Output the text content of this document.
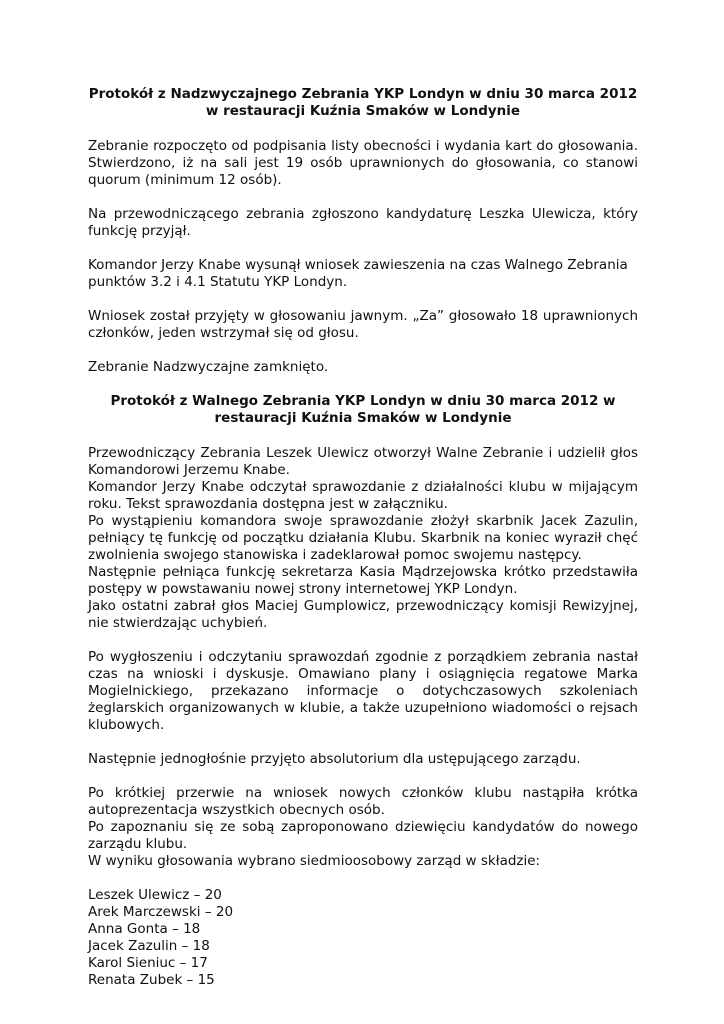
Protokół z Nadzwyczajnego Zebrania YKP Londyn w dniu 30 marca 2012 w restauracji Kuźnia Smaków w Londynie

Zebranie rozpoczęto od podpisania listy obecności i wydania kart do głosowania. Stwierdzono, iż na sali jest 19 osób uprawnionych do głosowania, co stanowi quorum (minimum 12 osób).

Na przewodniczącego zebrania zgłoszono kandydaturę Leszka Ulewicza, który funkcję przyjął.

Komandor Jerzy Knabe wysunął wniosek zawieszenia na czas Walnego Zebrania punktów 3.2 i 4.1 Statutu YKP Londyn.

Wniosek został przyjęty w głosowaniu jawnym. „Za” głosowało 18 uprawnionych członków, jeden wstrzymał się od głosu.

Zebranie Nadzwyczajne zamknięto.

Protokół z Walnego Zebrania YKP Londyn w dniu 30 marca 2012 w restauracji Kuźnia Smaków w Londynie

Przewodniczący Zebrania Leszek Ulewicz otworzył Walne Zebranie i udzielił głos Komandorowi Jerzemu Knabe.
Komandor Jerzy Knabe odczytał sprawozdanie z działalności klubu w mijającym roku. Tekst sprawozdania dostępna jest w załączniku.
Po wystąpieniu komandora swoje sprawozdanie złożył skarbnik Jacek Zazulin, pełniący tę funkcję od początku działania Klubu. Skarbnik na koniec wyraził chęć zwolnienia swojego stanowiska i zadeklarował pomoc swojemu następcy.
Następnie pełniąca funkcję sekretarza Kasia Mądrzejowska krótko przedstawiła postępy w powstawaniu nowej strony internetowej YKP Londyn.
Jako ostatni zabrał głos Maciej Gumplowicz, przewodniczący komisji Rewizyjnej, nie stwierdzając uchybień.

Po wygłoszeniu i odczytaniu sprawozdań zgodnie z porządkiem zebrania nastał czas na wnioski i dyskusje. Omawiano plany i osiągnięcia regatowe Marka Mogielnickiego, przekazano informacje o dotychczasowych szkoleniach żeglarskich organizowanych w klubie, a także uzupełniono wiadomości o rejsach klubowych.

Następnie jednogłośnie przyjęto absolutorium dla ustępującego zarządu.

Po krótkiej przerwie na wniosek nowych członków klubu nastąpiła krótka autoprezentacja wszystkich obecnych osób.
Po zapoznaniu się ze sobą zaproponowano dziewięciu kandydatów do nowego zarządu klubu.
W wyniku głosowania wybrano siedmioosobowy zarząd w składzie:
Leszek Ulewicz – 20
Arek Marczewski – 20
Anna Gonta – 18
Jacek Zazulin – 18
Karol Sieniuc – 17
Renata Zubek – 15
